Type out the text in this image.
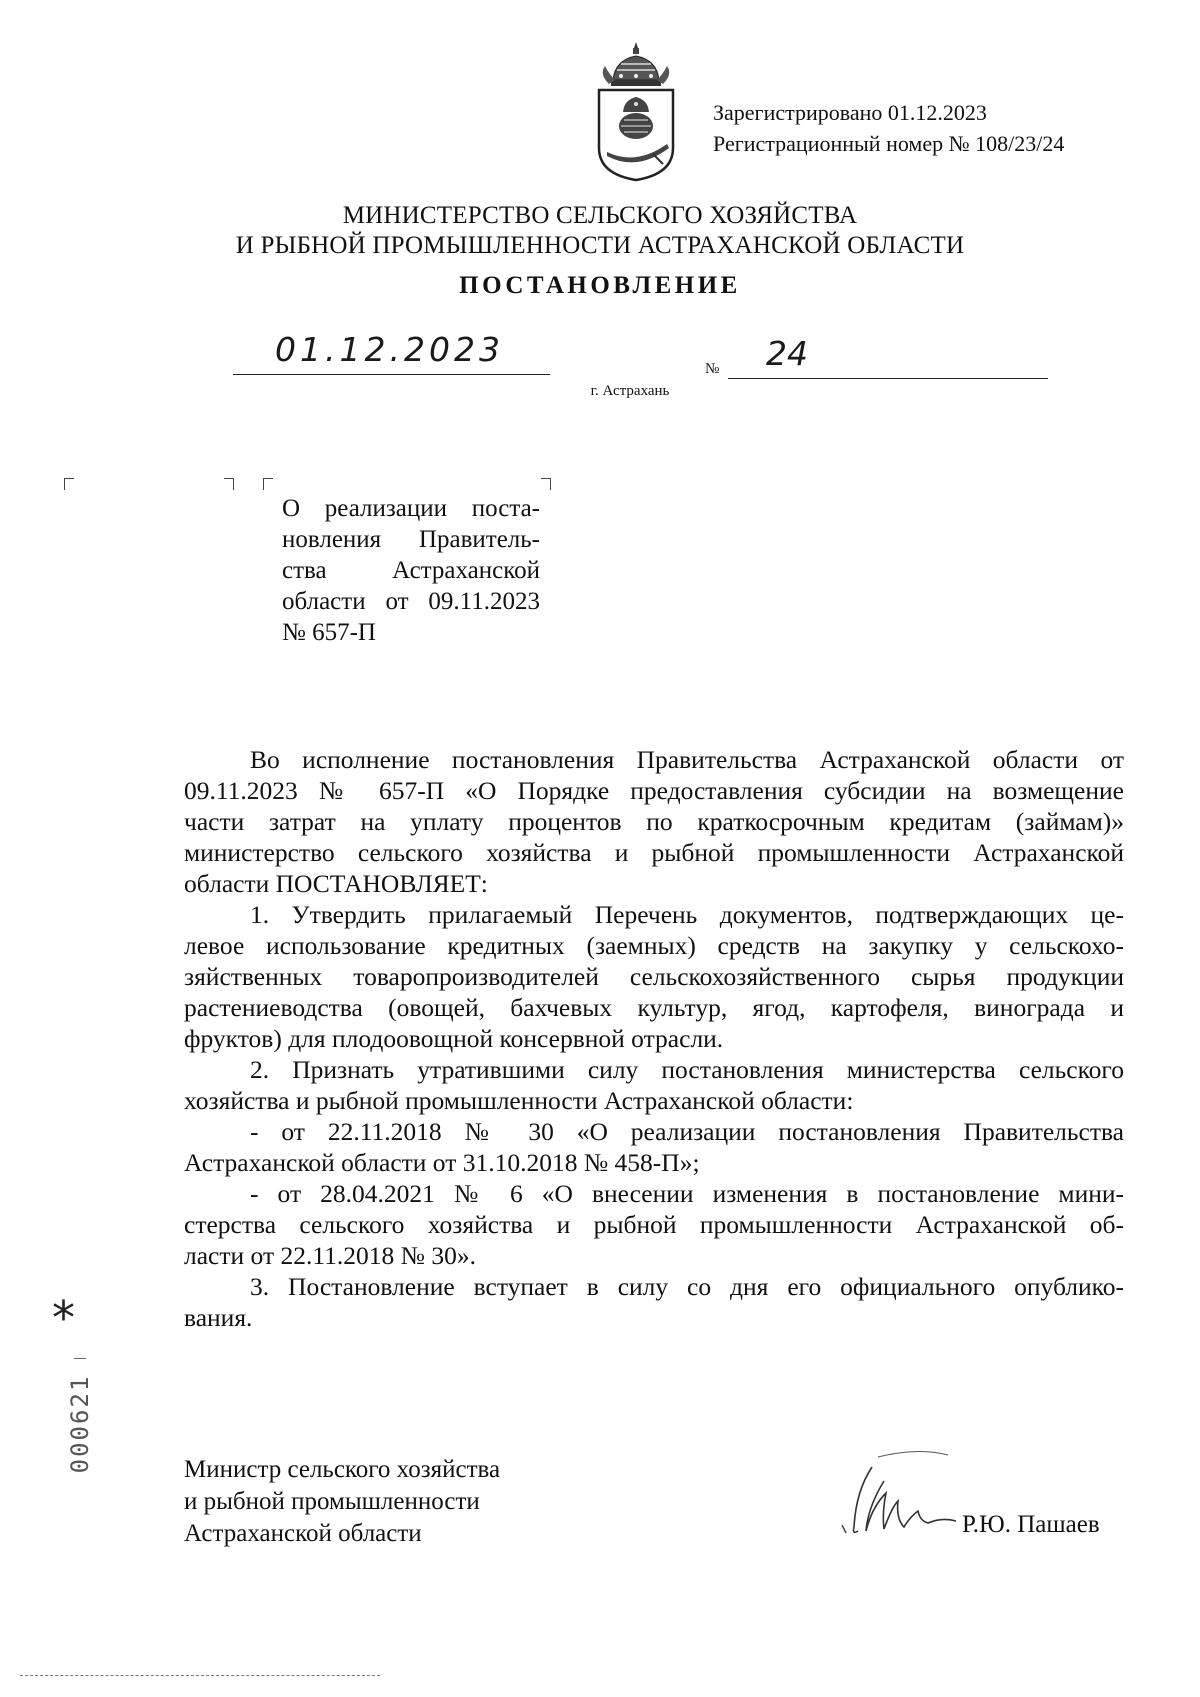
Зарегистрировано 01.12.2023
Регистрационный номер № 108/23/24
МИНИСТЕРСТВО СЕЛЬСКОГО ХОЗЯЙСТВА
И РЫБНОЙ ПРОМЫШЛЕННОСТИ АСТРАХАНСКОЙ ОБЛАСТИ
ПОСТАНОВЛЕНИЕ
01.12.2023	№ 24
г. Астрахань
О реализации поста-
новления Правитель-
ства Астраханской
области от 09.11.2023
№ 657-П
Во исполнение постановления Правительства Астраханской области от
09.11.2023 № 657-П «О Порядке предоставления субсидии на возмещение
части затрат на уплату процентов по краткосрочным кредитам (займам)»
министерство сельского хозяйства и рыбной промышленности Астраханской
области ПОСТАНОВЛЯЕТ:
1. Утвердить прилагаемый Перечень документов, подтверждающих це-
левое использование кредитных (заемных) средств на закупку у сельскохо-
зяйственных товаропроизводителей сельскохозяйственного сырья продукции
растениеводства (овощей, бахчевых культур, ягод, картофеля, винограда и
фруктов) для плодоовощной консервной отрасли.
2. Признать утратившими силу постановления министерства сельского
хозяйства и рыбной промышленности Астраханской области:
- от 22.11.2018 № 30 «О реализации постановления Правительства
Астраханской области от 31.10.2018 № 458-П»;
- от 28.04.2021 № 6 «О внесении изменения в постановление мини-
стерства сельского хозяйства и рыбной промышленности Астраханской об-
ласти от 22.11.2018 № 30».
3. Постановление вступает в силу со дня его официального опублико-
вания.
Министр сельского хозяйства
и рыбной промышленности
Астраханской области	Р.Ю. Пашаев
*
000621
